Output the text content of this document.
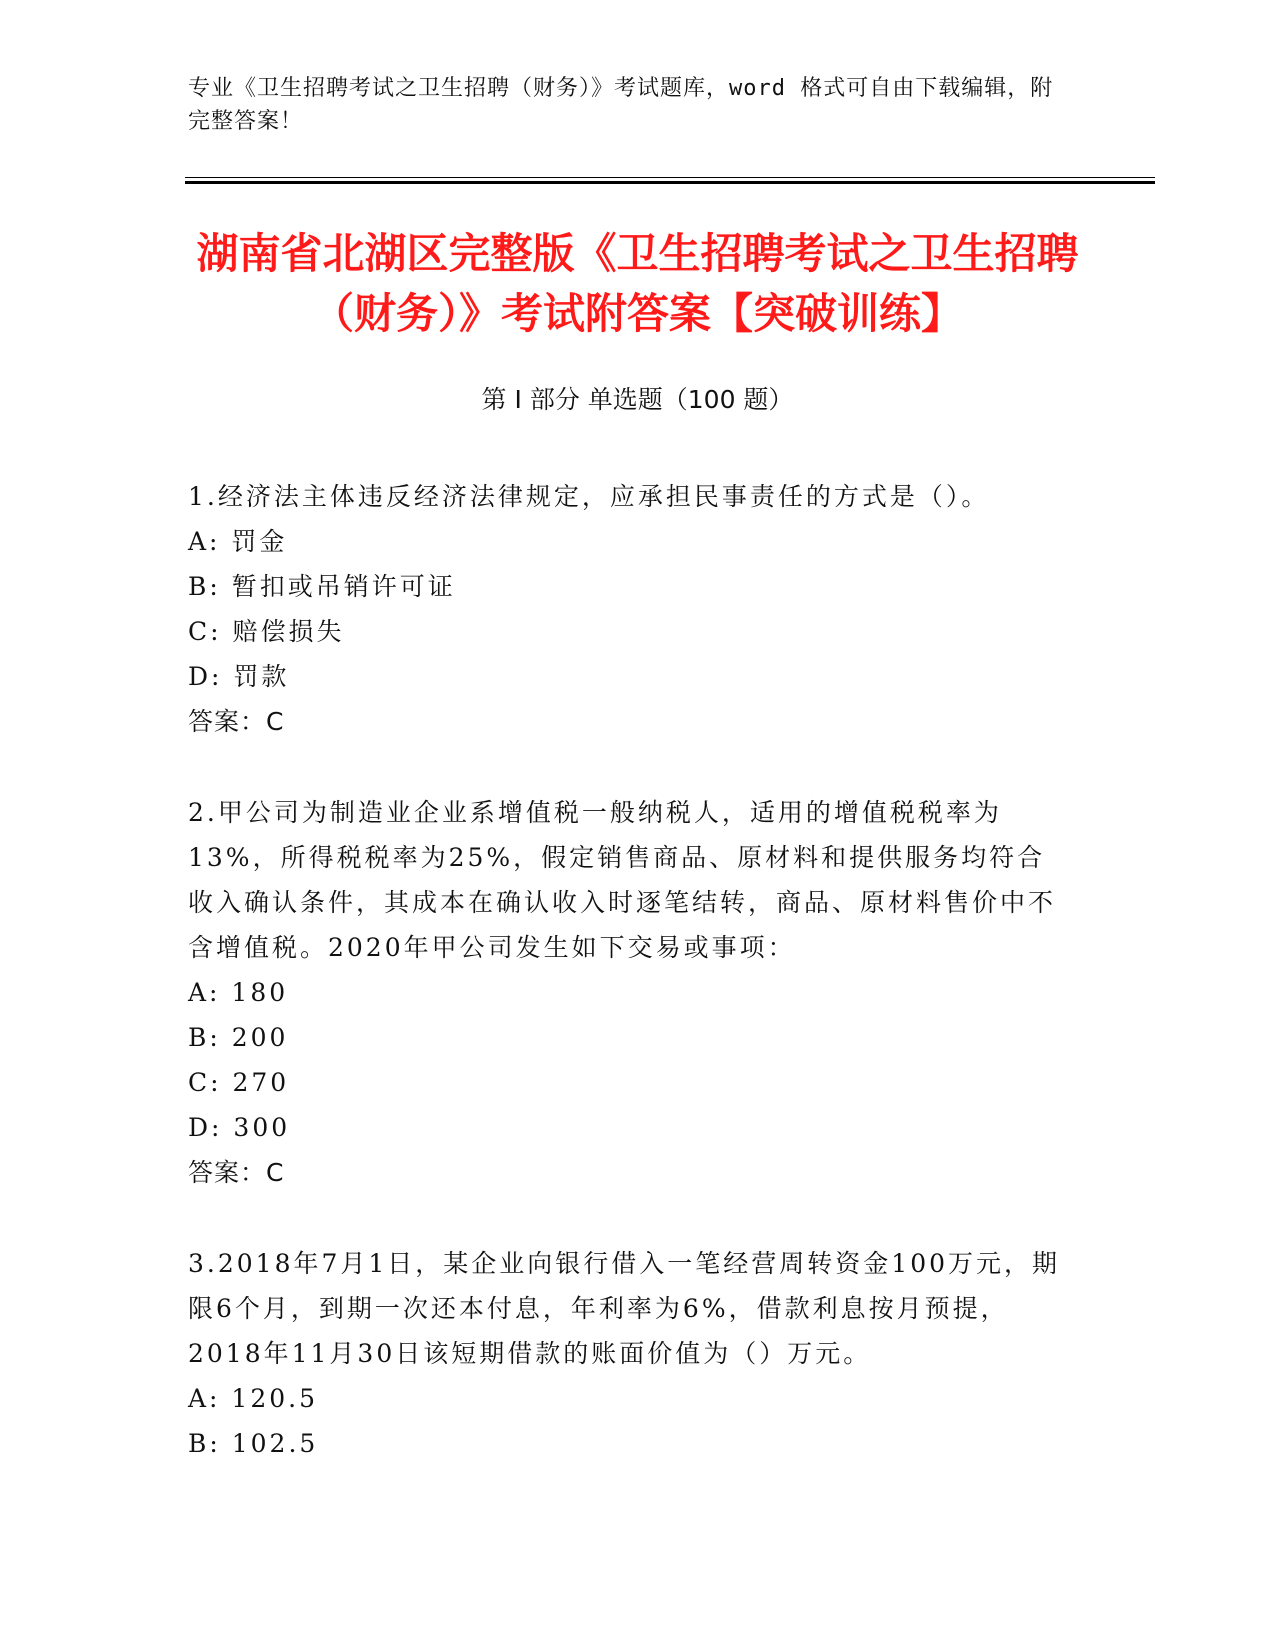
专业《卫生招聘考试之卫生招聘（财务）》考试题库，word 格式可自由下载编辑，附完整答案！
湖南省北湖区完整版《卫生招聘考试之卫生招聘（财务）》考试附答案【突破训练】
第 I 部分 单选题（100 题）
1.经济法主体违反经济法律规定，应承担民事责任的方式是（）。
A: 罚金
B: 暂扣或吊销许可证
C: 赔偿损失
D: 罚款
答案：C
2.甲公司为制造业企业系增值税一般纳税人，适用的增值税税率为13%，所得税税率为25%，假定销售商品、原材料和提供服务均符合收入确认条件，其成本在确认收入时逐笔结转，商品、原材料售价中不含增值税。2020年甲公司发生如下交易或事项：
A: 180
B: 200
C: 270
D: 300
答案：C
3.2018年7月1日，某企业向银行借入一笔经营周转资金100万元，期限6个月，到期一次还本付息，年利率为6%，借款利息按月预提，2018年11月30日该短期借款的账面价值为（）万元。
A: 120.5
B: 102.5
